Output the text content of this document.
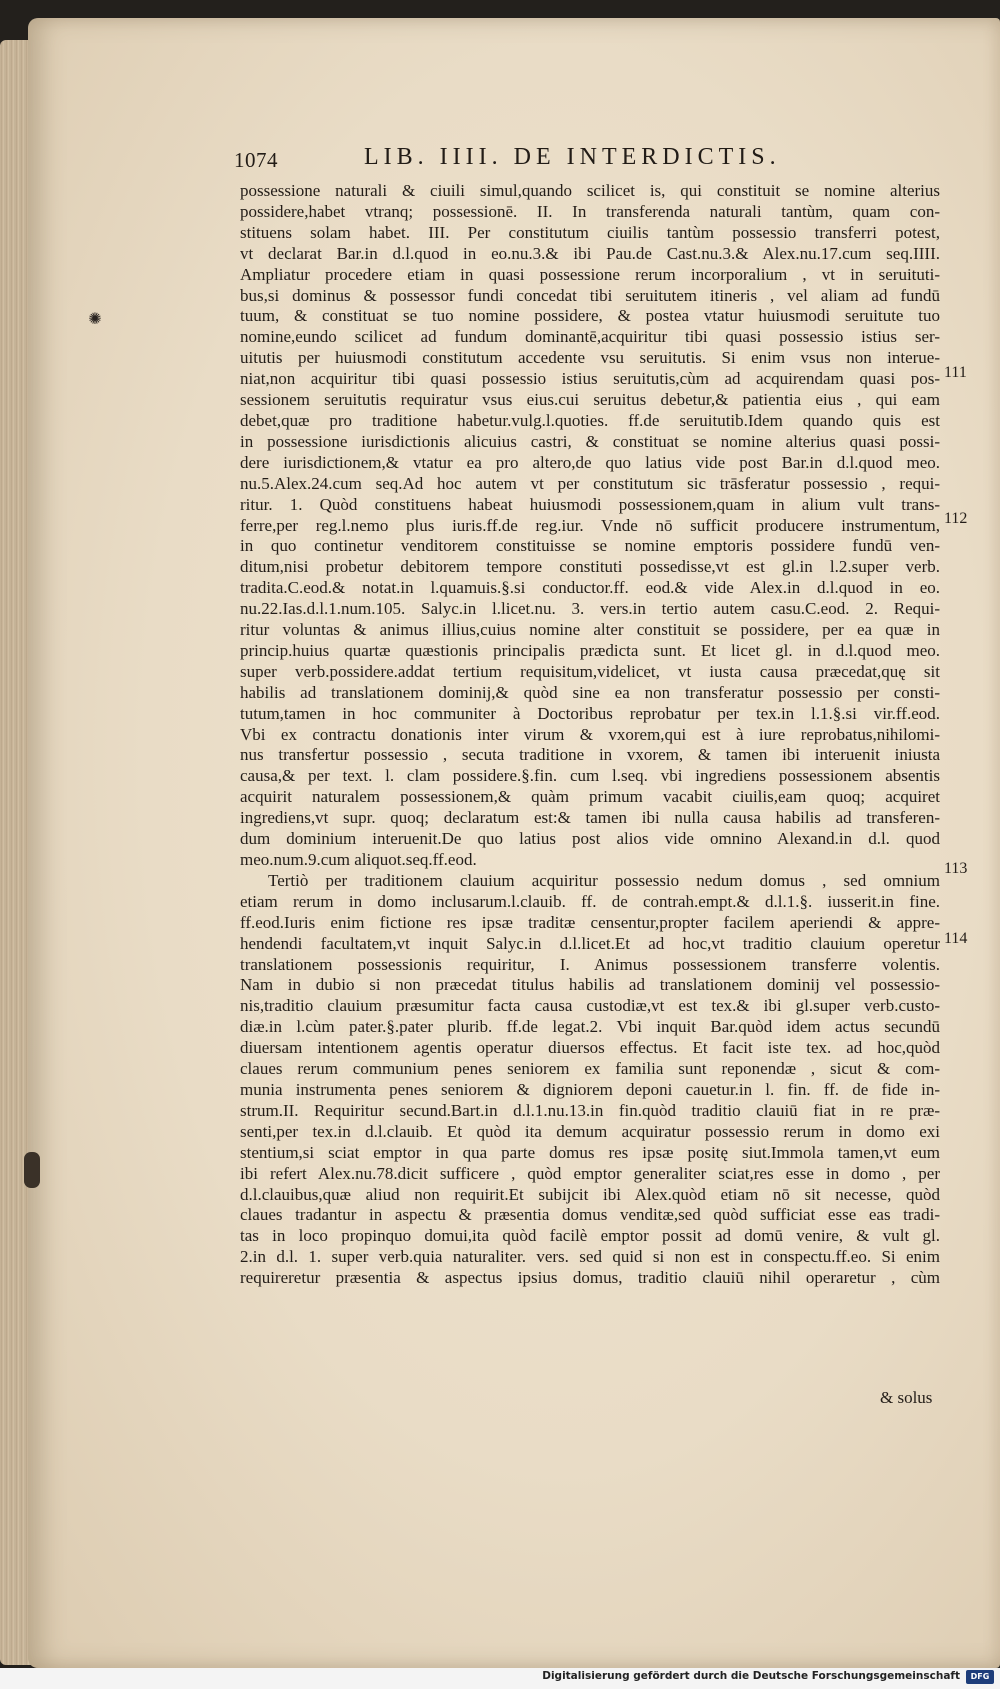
✺
1074	LIB. IIII. DE INTERDICTIS.
possessione naturali & ciuili simul,quando scilicet is, qui constituit se nomine alterius
possidere,habet vtranq; possessionē. II. In transferenda naturali tantùm, quam con-
stituens solam habet. III. Per constitutum ciuilis tantùm possessio transferri potest,
vt declarat Bar.in d.l.quod in eo.nu.3.& ibi Pau.de Cast.nu.3.& Alex.nu.17.cum seq.IIII.
Ampliatur procedere etiam in quasi possessione rerum incorporalium , vt in seruituti-
bus,si dominus & possessor fundi concedat tibi seruitutem itineris , vel aliam ad fundū
tuum, & constituat se tuo nomine possidere, & postea vtatur huiusmodi seruitute tuo
nomine,eundo scilicet ad fundum dominantē,acquiritur tibi quasi possessio istius ser-
uitutis per huiusmodi constitutum accedente vsu seruitutis. Si enim vsus non interue-
niat,non acquiritur tibi quasi possessio istius seruitutis,cùm ad acquirendam quasi pos-
sessionem seruitutis requiratur vsus eius.cui seruitus debetur,& patientia eius , qui eam
debet,quæ pro traditione habetur.vulg.l.quoties. ff.de seruitutib.Idem quando quis est
in possessione iurisdictionis alicuius castri, & constituat se nomine alterius quasi possi-
dere iurisdictionem,& vtatur ea pro altero,de quo latius vide post Bar.in d.l.quod meo.
nu.5.Alex.24.cum seq.Ad hoc autem vt per constitutum sic trāsferatur possessio , requi-
ritur. 1. Quòd constituens habeat huiusmodi possessionem,quam in alium vult trans-
ferre,per reg.l.nemo plus iuris.ff.de reg.iur. Vnde nō sufficit producere instrumentum,
in quo continetur venditorem constituisse se nomine emptoris possidere fundū ven-
ditum,nisi probetur debitorem tempore constituti possedisse,vt est gl.in l.2.super verb.
tradita.C.eod.& notat.in l.quamuis.§.si conductor.ff. eod.& vide Alex.in d.l.quod in eo.
nu.22.Ias.d.l.1.num.105. Salyc.in l.licet.nu. 3. vers.in tertio autem casu.C.eod. 2. Requi-
ritur voluntas & animus illius,cuius nomine alter constituit se possidere, per ea quæ in
princip.huius quartæ quæstionis principalis prædicta sunt. Et licet gl. in d.l.quod meo.
super verb.possidere.addat tertium requisitum,videlicet, vt iusta causa præcedat,quę sit
habilis ad translationem dominij,& quòd sine ea non transferatur possessio per consti-
tutum,tamen in hoc communiter à Doctoribus reprobatur per tex.in l.1.§.si vir.ff.eod.
Vbi ex contractu donationis inter virum & vxorem,qui est à iure reprobatus,nihilomi-
nus transfertur possessio , secuta traditione in vxorem, & tamen ibi interuenit iniusta
causa,& per text. l. clam possidere.§.fin. cum l.seq. vbi ingrediens possessionem absentis
acquirit naturalem possessionem,& quàm primum vacabit ciuilis,eam quoq; acquiret
ingrediens,vt supr. quoq; declaratum est:& tamen ibi nulla causa habilis ad transferen-
dum dominium interuenit.De quo latius post alios vide omnino Alexand.in d.l. quod
meo.num.9.cum aliquot.seq.ff.eod.
Tertiò per traditionem clauium acquiritur possessio nedum domus , sed omnium
etiam rerum in domo inclusarum.l.clauib. ff. de contrah.empt.& d.l.1.§. iusserit.in fine.
ff.eod.Iuris enim fictione res ipsæ traditæ censentur,propter facilem aperiendi & appre-
hendendi facultatem,vt inquit Salyc.in d.l.licet.Et ad hoc,vt traditio clauium operetur
translationem possessionis requiritur, I. Animus possessionem transferre volentis.
Nam in dubio si non præcedat titulus habilis ad translationem dominij vel possessio-
nis,traditio clauium præsumitur facta causa custodiæ,vt est tex.& ibi gl.super verb.custo-
diæ.in l.cùm pater.§.pater plurib. ff.de legat.2. Vbi inquit Bar.quòd idem actus secundū
diuersam intentionem agentis operatur diuersos effectus. Et facit iste tex. ad hoc,quòd
claues rerum communium penes seniorem ex familia sunt reponendæ , sicut & com-
munia instrumenta penes seniorem & digniorem deponi cauetur.in l. fin. ff. de fide in-
strum.II. Requiritur secund.Bart.in d.l.1.nu.13.in fin.quòd traditio clauiū fiat in re præ-
senti,per tex.in d.l.clauib. Et quòd ita demum acquiratur possessio rerum in domo exi
stentium,si sciat emptor in qua parte domus res ipsæ positę siut.Immola tamen,vt eum
ibi refert Alex.nu.78.dicit sufficere , quòd emptor generaliter sciat,res esse in domo , per
d.l.clauibus,quæ aliud non requirit.Et subijcit ibi Alex.quòd etiam nō sit necesse, quòd
claues tradantur in aspectu & præsentia domus venditæ,sed quòd sufficiat esse eas tradi-
tas in loco propinquo domui,ita quòd facilè emptor possit ad domū venire, & vult gl.
2.in d.l. 1. super verb.quia naturaliter. vers. sed quid si non est in conspectu.ff.eo. Si enim
requireretur præsentia & aspectus ipsius domus, traditio clauiū nihil operaretur , cùm
111
112
113
114
& solus
Digitalisierung gefördert durch die Deutsche Forschungsgemeinschaft	DFG
